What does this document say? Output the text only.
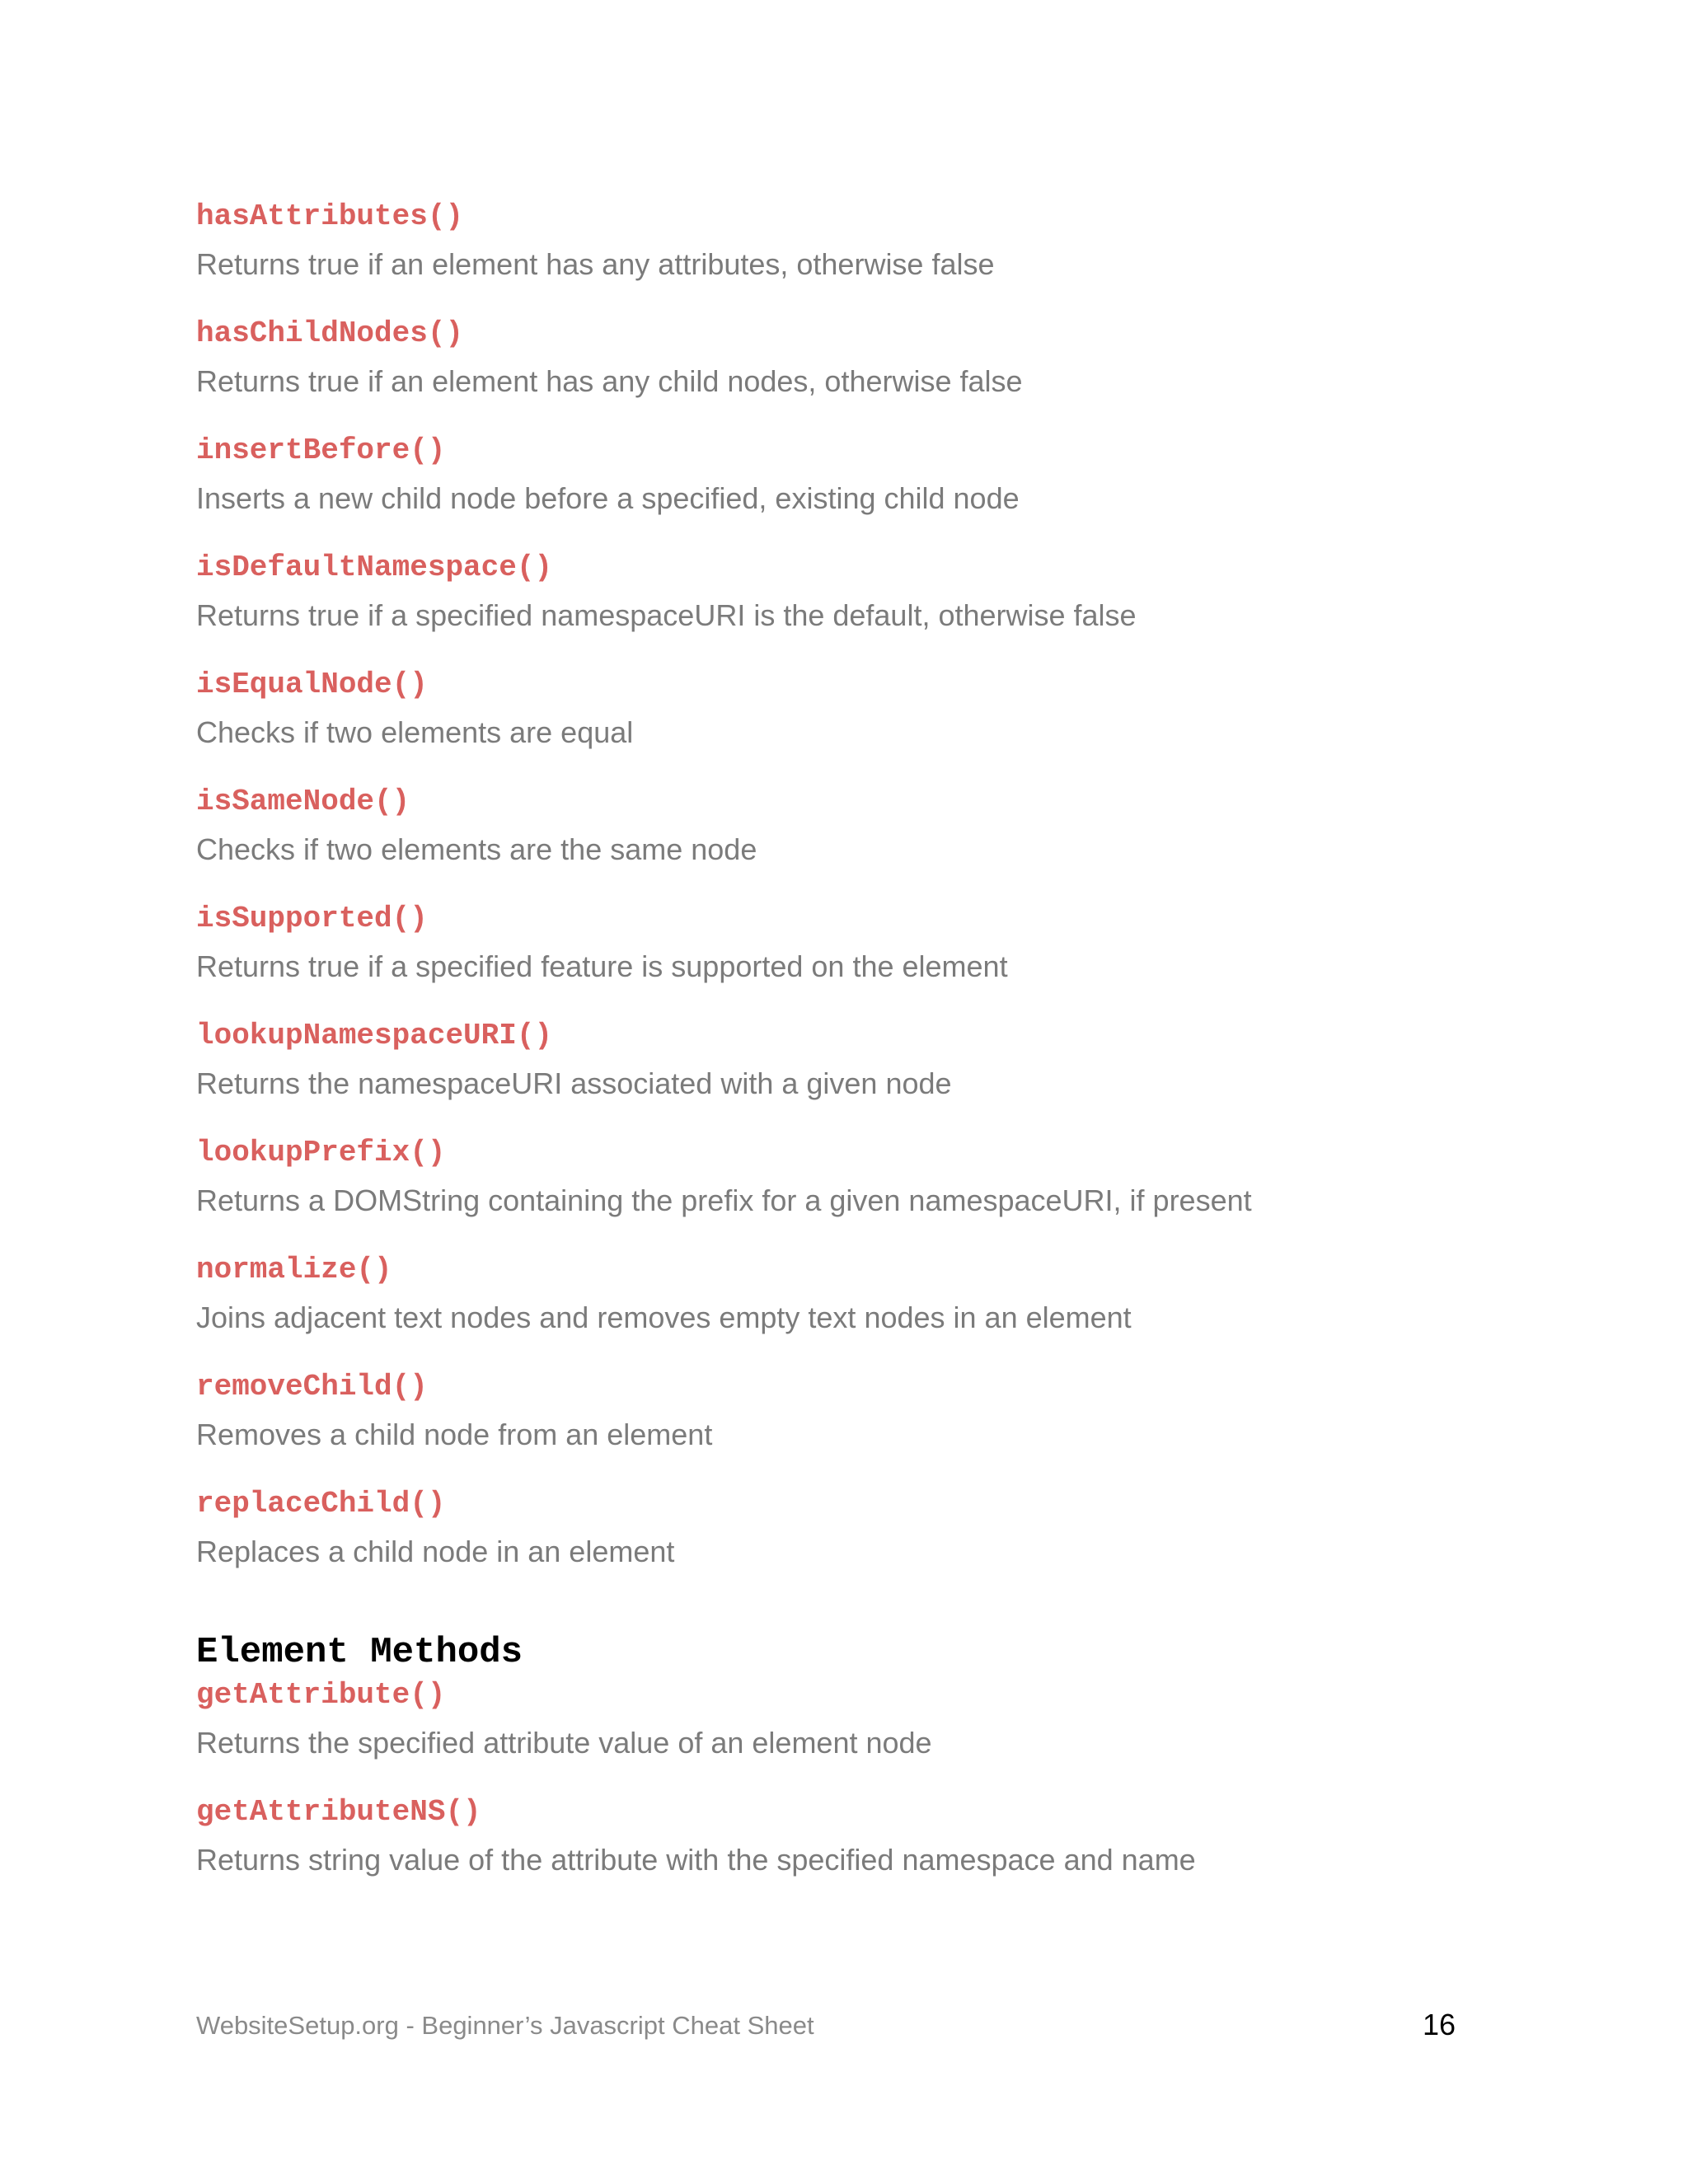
hasAttributes()
Returns true if an element has any attributes, otherwise false
hasChildNodes()
Returns true if an element has any child nodes, otherwise false
insertBefore()
Inserts a new child node before a specified, existing child node
isDefaultNamespace()
Returns true if a specified namespaceURI is the default, otherwise false
isEqualNode()
Checks if two elements are equal
isSameNode()
Checks if two elements are the same node
isSupported()
Returns true if a specified feature is supported on the element
lookupNamespaceURI()
Returns the namespaceURI associated with a given node
lookupPrefix()
Returns a DOMString containing the prefix for a given namespaceURI, if present
normalize()
Joins adjacent text nodes and removes empty text nodes in an element
removeChild()
Removes a child node from an element
replaceChild()
Replaces a child node in an element
Element Methods
getAttribute()
Returns the specified attribute value of an element node
getAttributeNS()
Returns string value of the attribute with the specified namespace and name
WebsiteSetup.org - Beginner’s Javascript Cheat Sheet	16
